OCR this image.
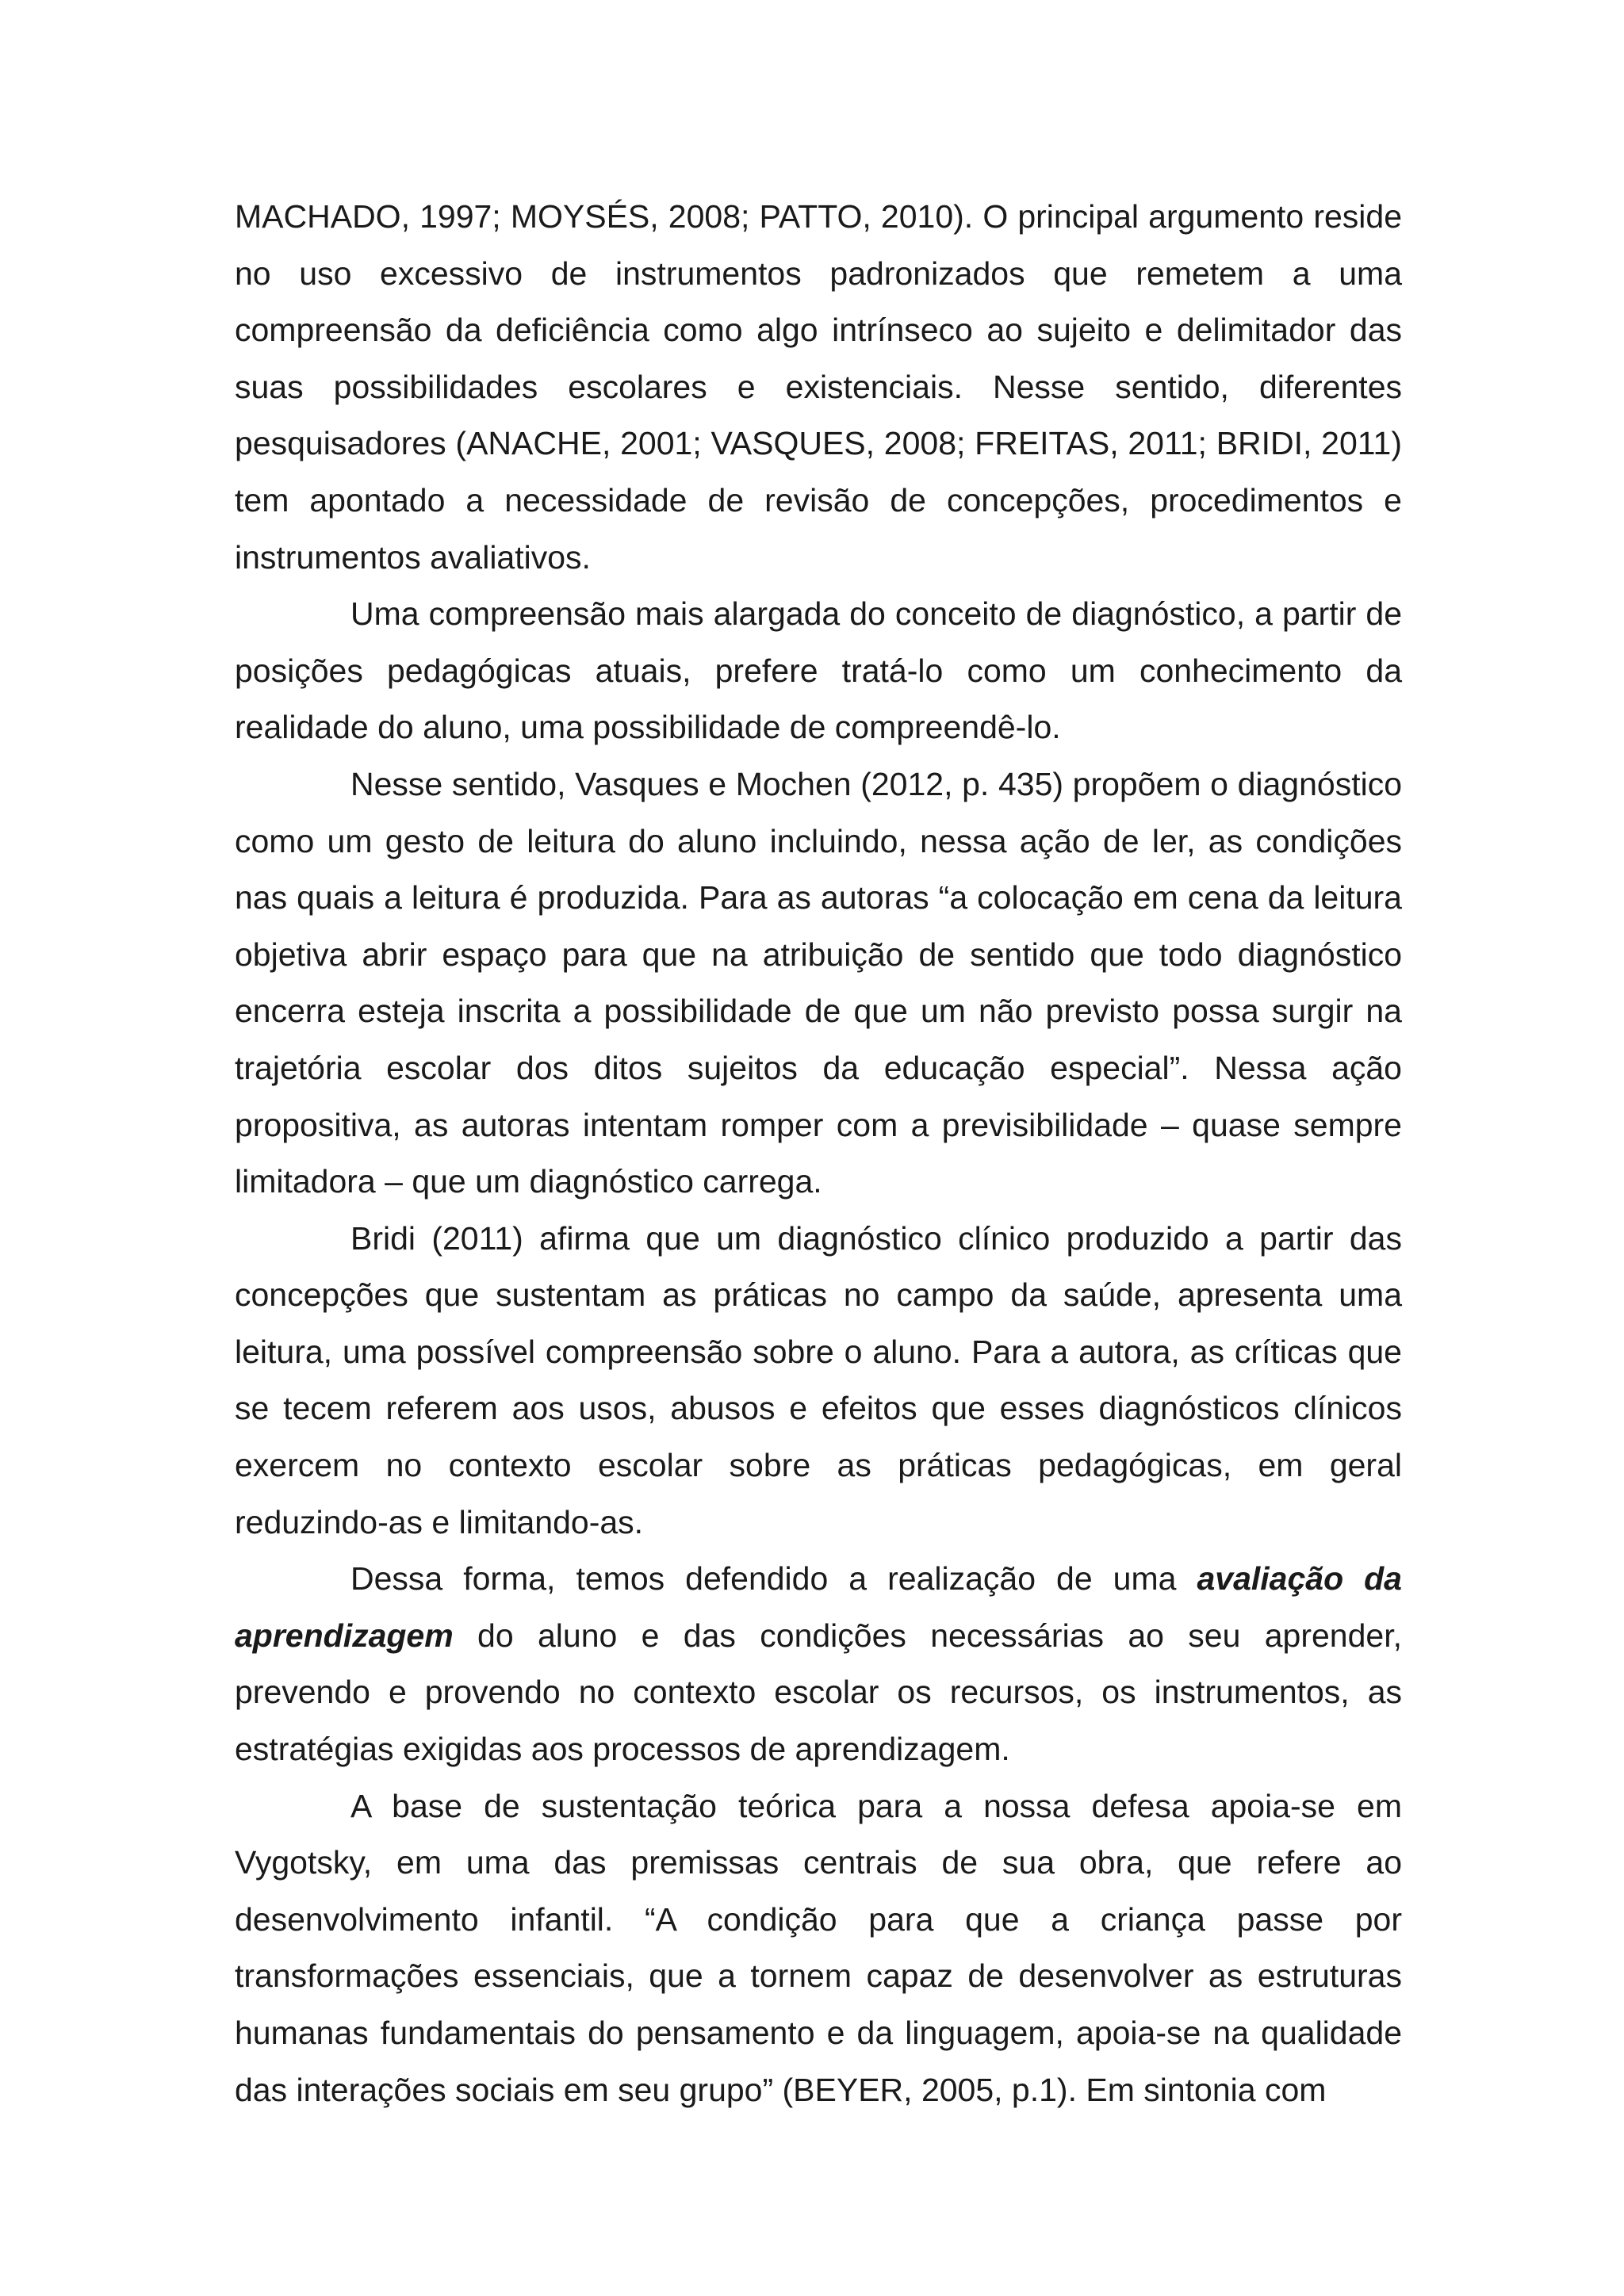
MACHADO, 1997; MOYSÉS, 2008; PATTO, 2010). O principal argumento reside no uso excessivo de instrumentos padronizados que remetem a uma compreensão da deficiência como algo intrínseco ao sujeito e delimitador das suas possibilidades escolares e existenciais. Nesse sentido, diferentes pesquisadores (ANACHE, 2001; VASQUES, 2008; FREITAS, 2011; BRIDI, 2011) tem apontado a necessidade de revisão de concepções, procedimentos e instrumentos avaliativos.

Uma compreensão mais alargada do conceito de diagnóstico, a partir de posições pedagógicas atuais, prefere tratá-lo como um conhecimento da realidade do aluno, uma possibilidade de compreendê-lo.

Nesse sentido, Vasques e Mochen (2012, p. 435) propõem o diagnóstico como um gesto de leitura do aluno incluindo, nessa ação de ler, as condições nas quais a leitura é produzida. Para as autoras “a colocação em cena da leitura objetiva abrir espaço para que na atribuição de sentido que todo diagnóstico encerra esteja inscrita a possibilidade de que um não previsto possa surgir na trajetória escolar dos ditos sujeitos da educação especial”. Nessa ação propositiva, as autoras intentam romper com a previsibilidade – quase sempre limitadora – que um diagnóstico carrega.

Bridi (2011) afirma que um diagnóstico clínico produzido a partir das concepções que sustentam as práticas no campo da saúde, apresenta uma leitura, uma possível compreensão sobre o aluno. Para a autora, as críticas que se tecem referem aos usos, abusos e efeitos que esses diagnósticos clínicos exercem no contexto escolar sobre as práticas pedagógicas, em geral reduzindo-as e limitando-as.

Dessa forma, temos defendido a realização de uma avaliação da aprendizagem do aluno e das condições necessárias ao seu aprender, prevendo e provendo no contexto escolar os recursos, os instrumentos, as estratégias exigidas aos processos de aprendizagem.

A base de sustentação teórica para a nossa defesa apoia-se em Vygotsky, em uma das premissas centrais de sua obra, que refere ao desenvolvimento infantil. “A condição para que a criança passe por transformações essenciais, que a tornem capaz de desenvolver as estruturas humanas fundamentais do pensamento e da linguagem, apoia-se na qualidade das interações sociais em seu grupo” (BEYER, 2005, p.1). Em sintonia com
